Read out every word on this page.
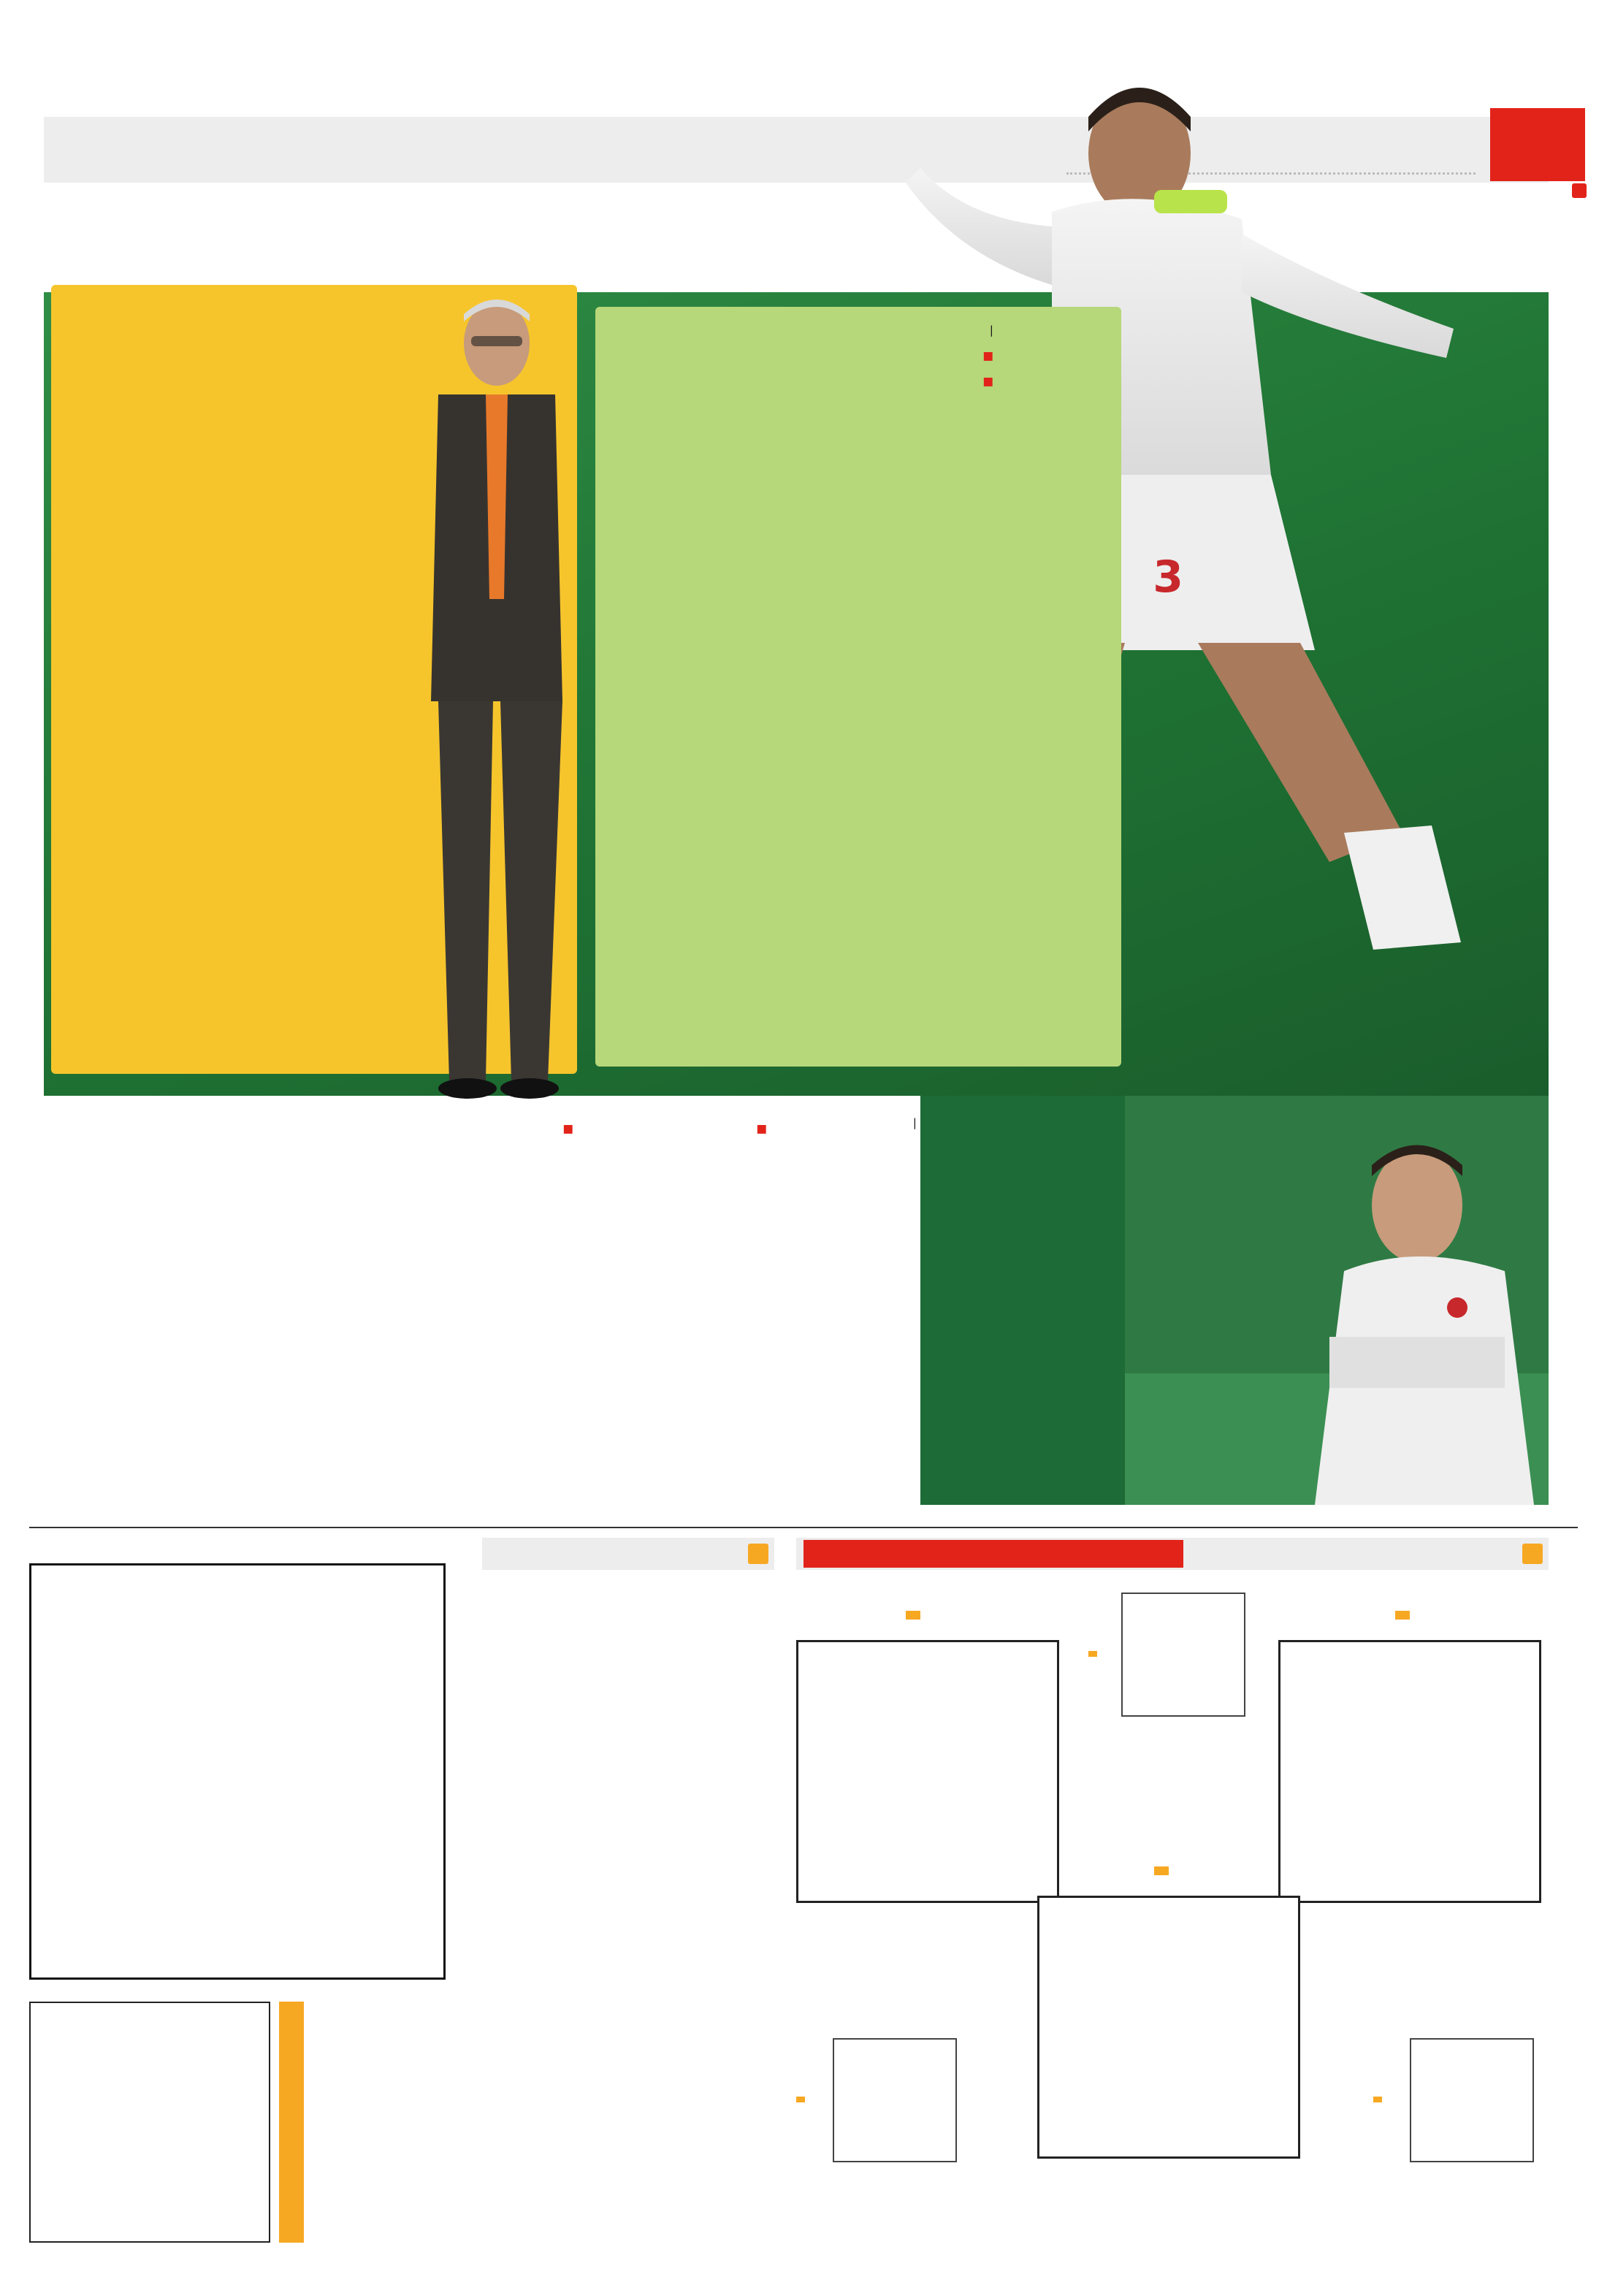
3
|
■
■
|
■
■
